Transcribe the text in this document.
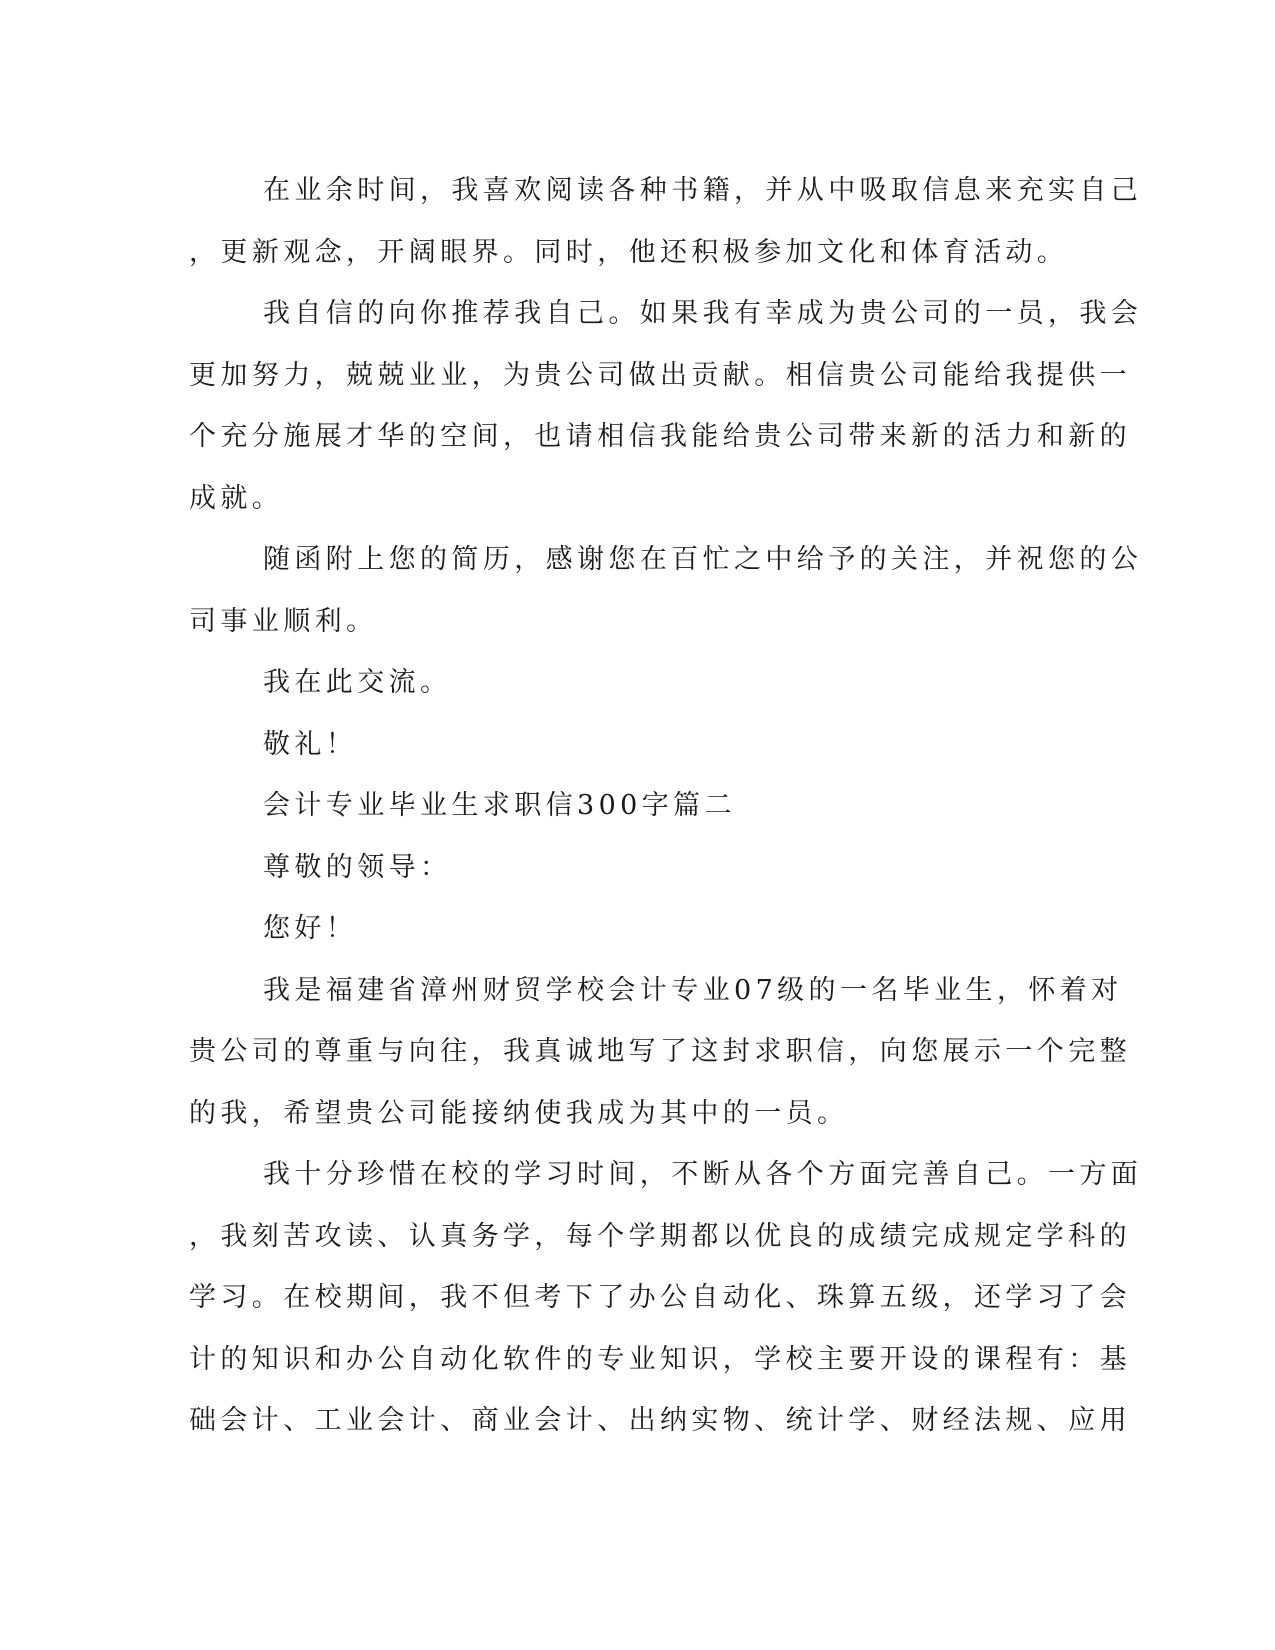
在业余时间，我喜欢阅读各种书籍，并从中吸取信息来充实自己
，更新观念，开阔眼界。同时，他还积极参加文化和体育活动。
我自信的向你推荐我自己。如果我有幸成为贵公司的一员，我会
更加努力，兢兢业业，为贵公司做出贡献。相信贵公司能给我提供一
个充分施展才华的空间，也请相信我能给贵公司带来新的活力和新的
成就。
随函附上您的简历，感谢您在百忙之中给予的关注，并祝您的公
司事业顺利。
我在此交流。
敬礼！
会计专业毕业生求职信300字篇二
尊敬的领导：
您好！
我是福建省漳州财贸学校会计专业07级的一名毕业生，怀着对
贵公司的尊重与向往，我真诚地写了这封求职信，向您展示一个完整
的我，希望贵公司能接纳使我成为其中的一员。
我十分珍惜在校的学习时间，不断从各个方面完善自己。一方面
，我刻苦攻读、认真务学，每个学期都以优良的成绩完成规定学科的
学习。在校期间，我不但考下了办公自动化、珠算五级，还学习了会
计的知识和办公自动化软件的专业知识，学校主要开设的课程有：基
础会计、工业会计、商业会计、出纳实物、统计学、财经法规、应用
